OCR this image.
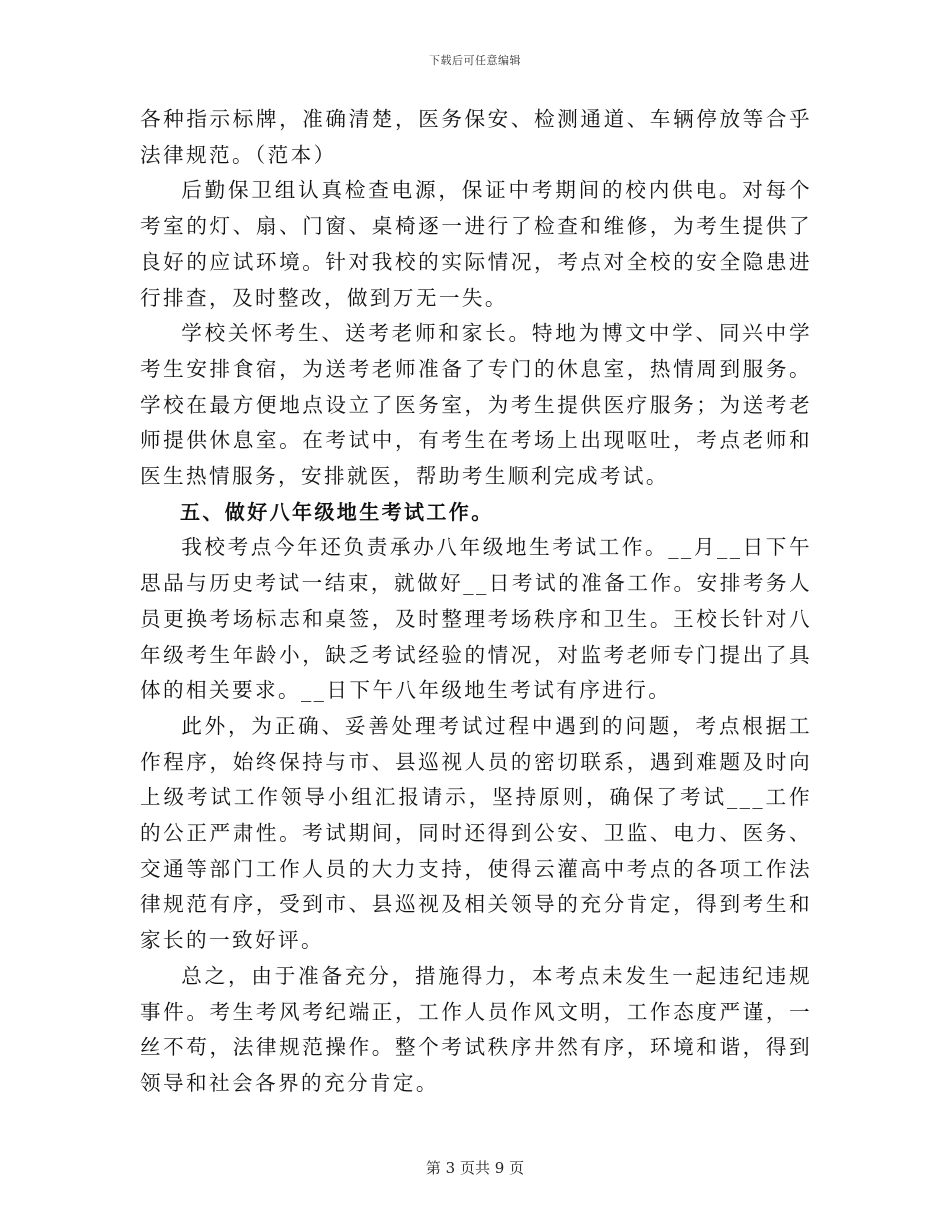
下载后可任意编辑

各种指示标牌，准确清楚，医务保安、检测通道、车辆停放等合乎法律规范。（范本）

后勤保卫组认真检查电源，保证中考期间的校内供电。对每个考室的灯、扇、门窗、桌椅逐一进行了检查和维修，为考生提供了良好的应试环境。针对我校的实际情况，考点对全校的安全隐患进行排查，及时整改，做到万无一失。

学校关怀考生、送考老师和家长。特地为博文中学、同兴中学考生安排食宿，为送考老师准备了专门的休息室，热情周到服务。学校在最方便地点设立了医务室，为考生提供医疗服务；为送考老师提供休息室。在考试中，有考生在考场上出现呕吐，考点老师和医生热情服务，安排就医，帮助考生顺利完成考试。

五、做好八年级地生考试工作。

我校考点今年还负责承办八年级地生考试工作。__月__日下午思品与历史考试一结束，就做好__日考试的准备工作。安排考务人员更换考场标志和桌签，及时整理考场秩序和卫生。王校长针对八年级考生年龄小，缺乏考试经验的情况，对监考老师专门提出了具体的相关要求。__日下午八年级地生考试有序进行。

此外，为正确、妥善处理考试过程中遇到的问题，考点根据工作程序，始终保持与市、县巡视人员的密切联系，遇到难题及时向上级考试工作领导小组汇报请示，坚持原则，确保了考试___工作的公正严肃性。考试期间，同时还得到公安、卫监、电力、医务、交通等部门工作人员的大力支持，使得云灌高中考点的各项工作法律规范有序，受到市、县巡视及相关领导的充分肯定，得到考生和家长的一致好评。

总之，由于准备充分，措施得力，本考点未发生一起违纪违规事件。考生考风考纪端正，工作人员作风文明，工作态度严谨，一丝不苟，法律规范操作。整个考试秩序井然有序，环境和谐，得到领导和社会各界的充分肯定。

第 3 页共 9 页
